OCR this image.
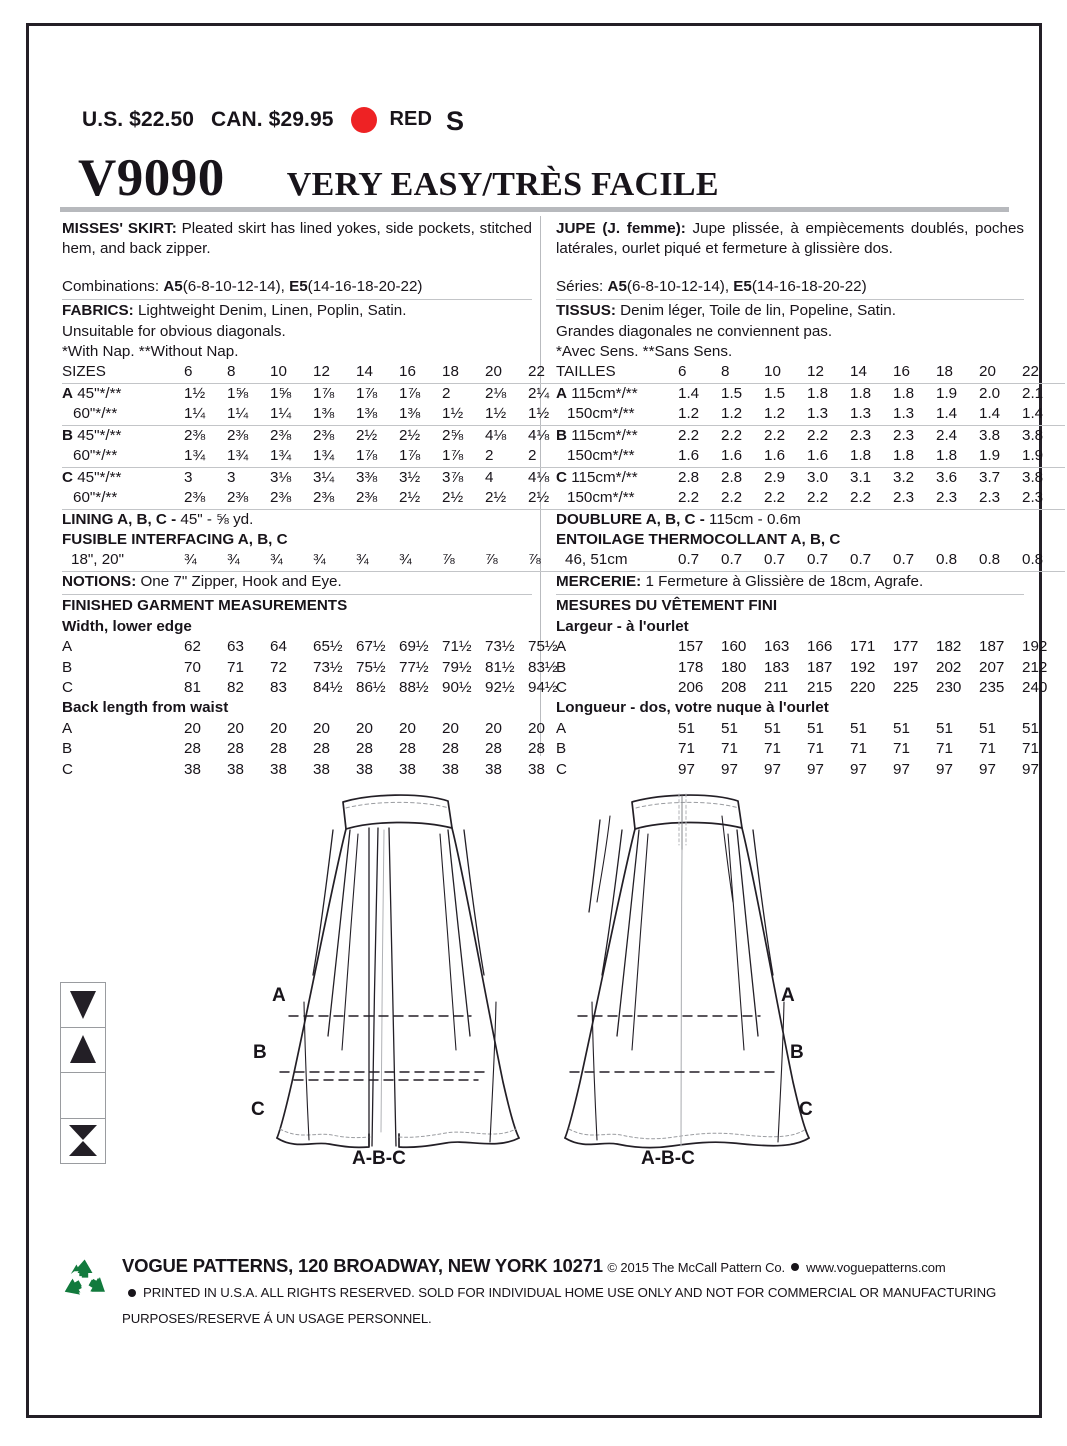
U.S. $22.50 CAN. $29.95	RED S
V9090 VERY EASY/TRÈS FACILE

MISSES' SKIRT: Pleated skirt has lined yokes, side pockets, stitched hem, and back zipper.

Combinations: A5(6-8-10-12-14), E5(14-16-18-20-22)
FABRICS: Lightweight Denim, Linen, Poplin, Satin.
Unsuitable for obvious diagonals.
*With Nap. **Without Nap.
SIZES	6	8	10	12	14	16	18	20	22
A 45"*/**	1½	1⅝	1⅝	1⅞	1⅞	1⅞	2	2⅛	2¼
60"*/**	1¼	1¼	1¼	1⅜	1⅜	1⅜	1½	1½	1½
B 45"*/**	2⅜	2⅜	2⅜	2⅜	2½	2½	2⅝	4⅛	4⅛
60"*/**	1¾	1¾	1¾	1¾	1⅞	1⅞	1⅞	2	2
C 45"*/**	3	3	3⅛	3¼	3⅜	3½	3⅞	4	4⅛
60"*/**	2⅜	2⅜	2⅜	2⅜	2⅜	2½	2½	2½	2½
LINING A, B, C - 45" - ⅝ yd.
FUSIBLE INTERFACING A, B, C
18", 20"	¾	¾	¾	¾	¾	¾	⅞	⅞	⅞
NOTIONS: One 7" Zipper, Hook and Eye.
FINISHED GARMENT MEASUREMENTS
Width, lower edge
A	62	63	64	65½	67½	69½	71½	73½	75½
B	70	71	72	73½	75½	77½	79½	81½	83½
C	81	82	83	84½	86½	88½	90½	92½	94½
Back length from waist
A	20	20	20	20	20	20	20	20	20
B	28	28	28	28	28	28	28	28	28
C	38	38	38	38	38	38	38	38	38

JUPE (J. femme): Jupe plissée, à empiècements doublés, poches latérales, ourlet piqué et fermeture à glissière dos.

Séries: A5(6-8-10-12-14), E5(14-16-18-20-22)
TISSUS: Denim léger, Toile de lin, Popeline, Satin.
Grandes diagonales ne conviennent pas.
*Avec Sens. **Sans Sens.
TAILLES	6	8	10	12	14	16	18	20	22
A 115cm*/**	1.4	1.5	1.5	1.8	1.8	1.8	1.9	2.0	2.1
150cm*/**	1.2	1.2	1.2	1.3	1.3	1.3	1.4	1.4	1.4
B 115cm*/**	2.2	2.2	2.2	2.2	2.3	2.3	2.4	3.8	3.8
150cm*/**	1.6	1.6	1.6	1.6	1.8	1.8	1.8	1.9	1.9
C 115cm*/**	2.8	2.8	2.9	3.0	3.1	3.2	3.6	3.7	3.8
150cm*/**	2.2	2.2	2.2	2.2	2.2	2.3	2.3	2.3	2.3
DOUBLURE A, B, C - 115cm - 0.6m
ENTOILAGE THERMOCOLLANT A, B, C
46, 51cm	0.7	0.7	0.7	0.7	0.7	0.7	0.8	0.8	0.8
MERCERIE: 1 Fermeture à Glissière de 18cm, Agrafe.
MESURES DU VÊTEMENT FINI
Largeur - à l'ourlet
A	157	160	163	166	171	177	182	187	192
B	178	180	183	187	192	197	202	207	212
C	206	208	211	215	220	225	230	235	240
Longueur - dos, votre nuque à l'ourlet
A	51	51	51	51	51	51	51	51	51
B	71	71	71	71	71	71	71	71	71
C	97	97	97	97	97	97	97	97	97
A
B
C
A-B-C
A
B
C
A-B-C
VOGUE PATTERNS, 120 BROADWAY, NEW YORK 10271 © 2015 The McCall Pattern Co. www.voguepatterns.com
PRINTED IN U.S.A. ALL RIGHTS RESERVED. SOLD FOR INDIVIDUAL HOME USE ONLY AND NOT FOR COMMERCIAL OR MANUFACTURING
PURPOSES/RESERVE Á UN USAGE PERSONNEL.
